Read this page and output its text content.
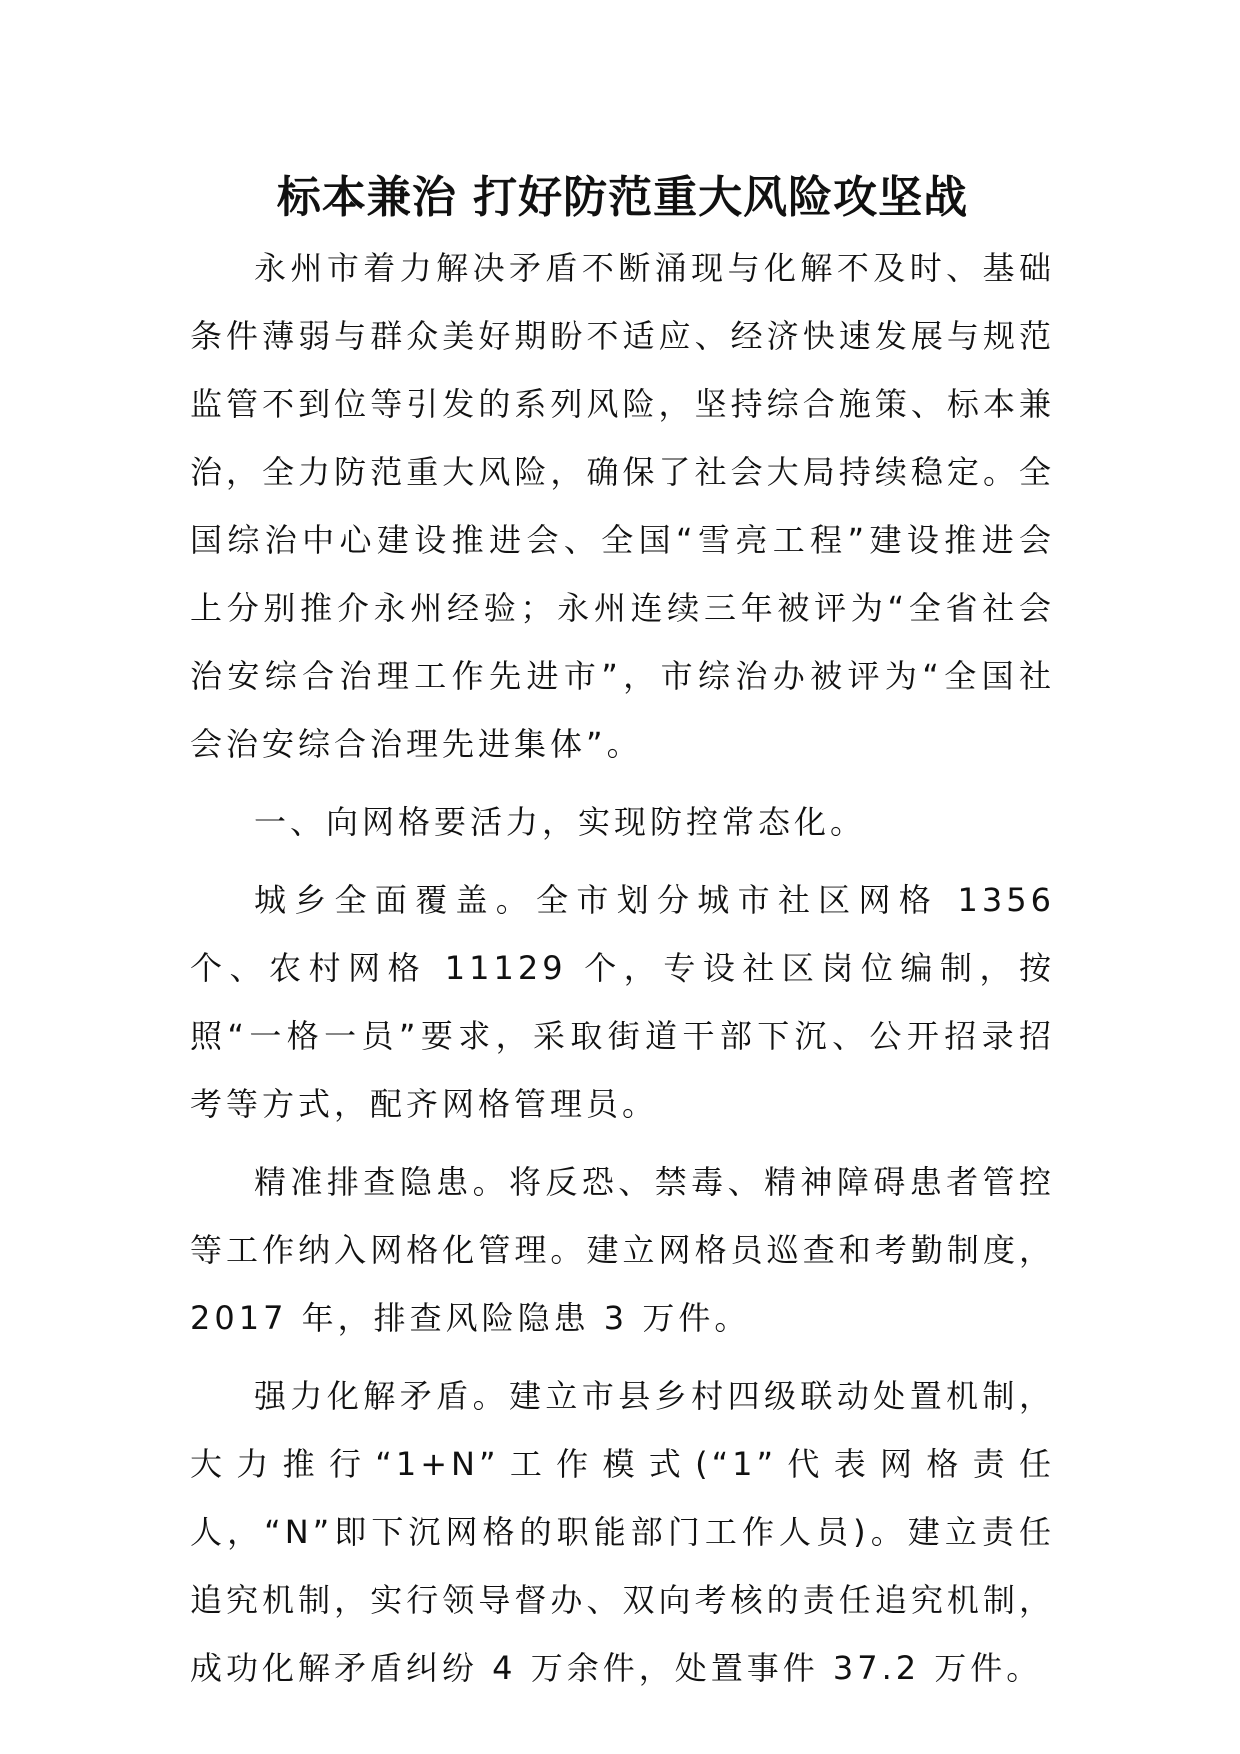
标本兼治 打好防范重大风险攻坚战

永州市着力解决矛盾不断涌现与化解不及时、基础条件薄弱与群众美好期盼不适应、经济快速发展与规范监管不到位等引发的系列风险，坚持综合施策、标本兼治，全力防范重大风险，确保了社会大局持续稳定。全国综治中心建设推进会、全国“雪亮工程”建设推进会上分别推介永州经验；永州连续三年被评为“全省社会治安综合治理工作先进市”，市综治办被评为“全国社会治安综合治理先进集体”。

一、向网格要活力，实现防控常态化。

城乡全面覆盖。全市划分城市社区网格 1356 个、农村网格 11129 个，专设社区岗位编制，按照“一格一员”要求，采取街道干部下沉、公开招录招考等方式，配齐网格管理员。

精准排查隐患。将反恐、禁毒、精神障碍患者管控等工作纳入网格化管理。建立网格员巡查和考勤制度，2017 年，排查风险隐患 3 万件。

强力化解矛盾。建立市县乡村四级联动处置机制，大力推行“1+N”工作模式(“1”代表网格责任人，“N”即下沉网格的职能部门工作人员)。建立责任追究机制，实行领导督办、双向考核的责任追究机制，成功化解矛盾纠纷 4 万余件，处置事件 37.2 万件。
